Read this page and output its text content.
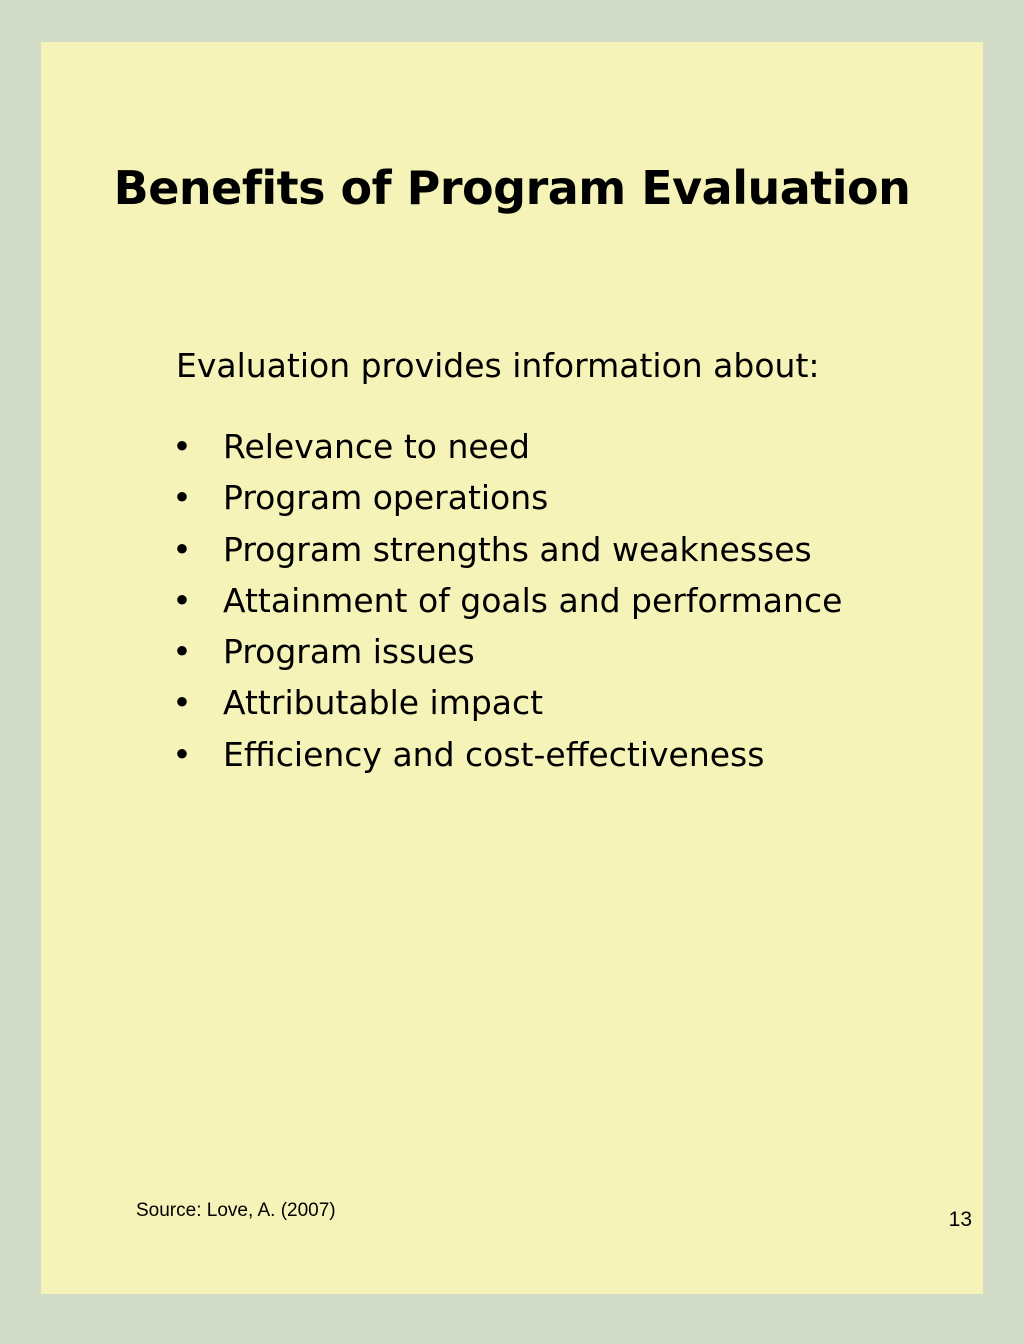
Benefits of Program Evaluation

Evaluation provides information about:

• Relevance to need
• Program operations
• Program strengths and weaknesses
• Attainment of goals and performance
• Program issues
• Attributable impact
• Efficiency and cost-effectiveness
Source: Love, A. (2007)	13
